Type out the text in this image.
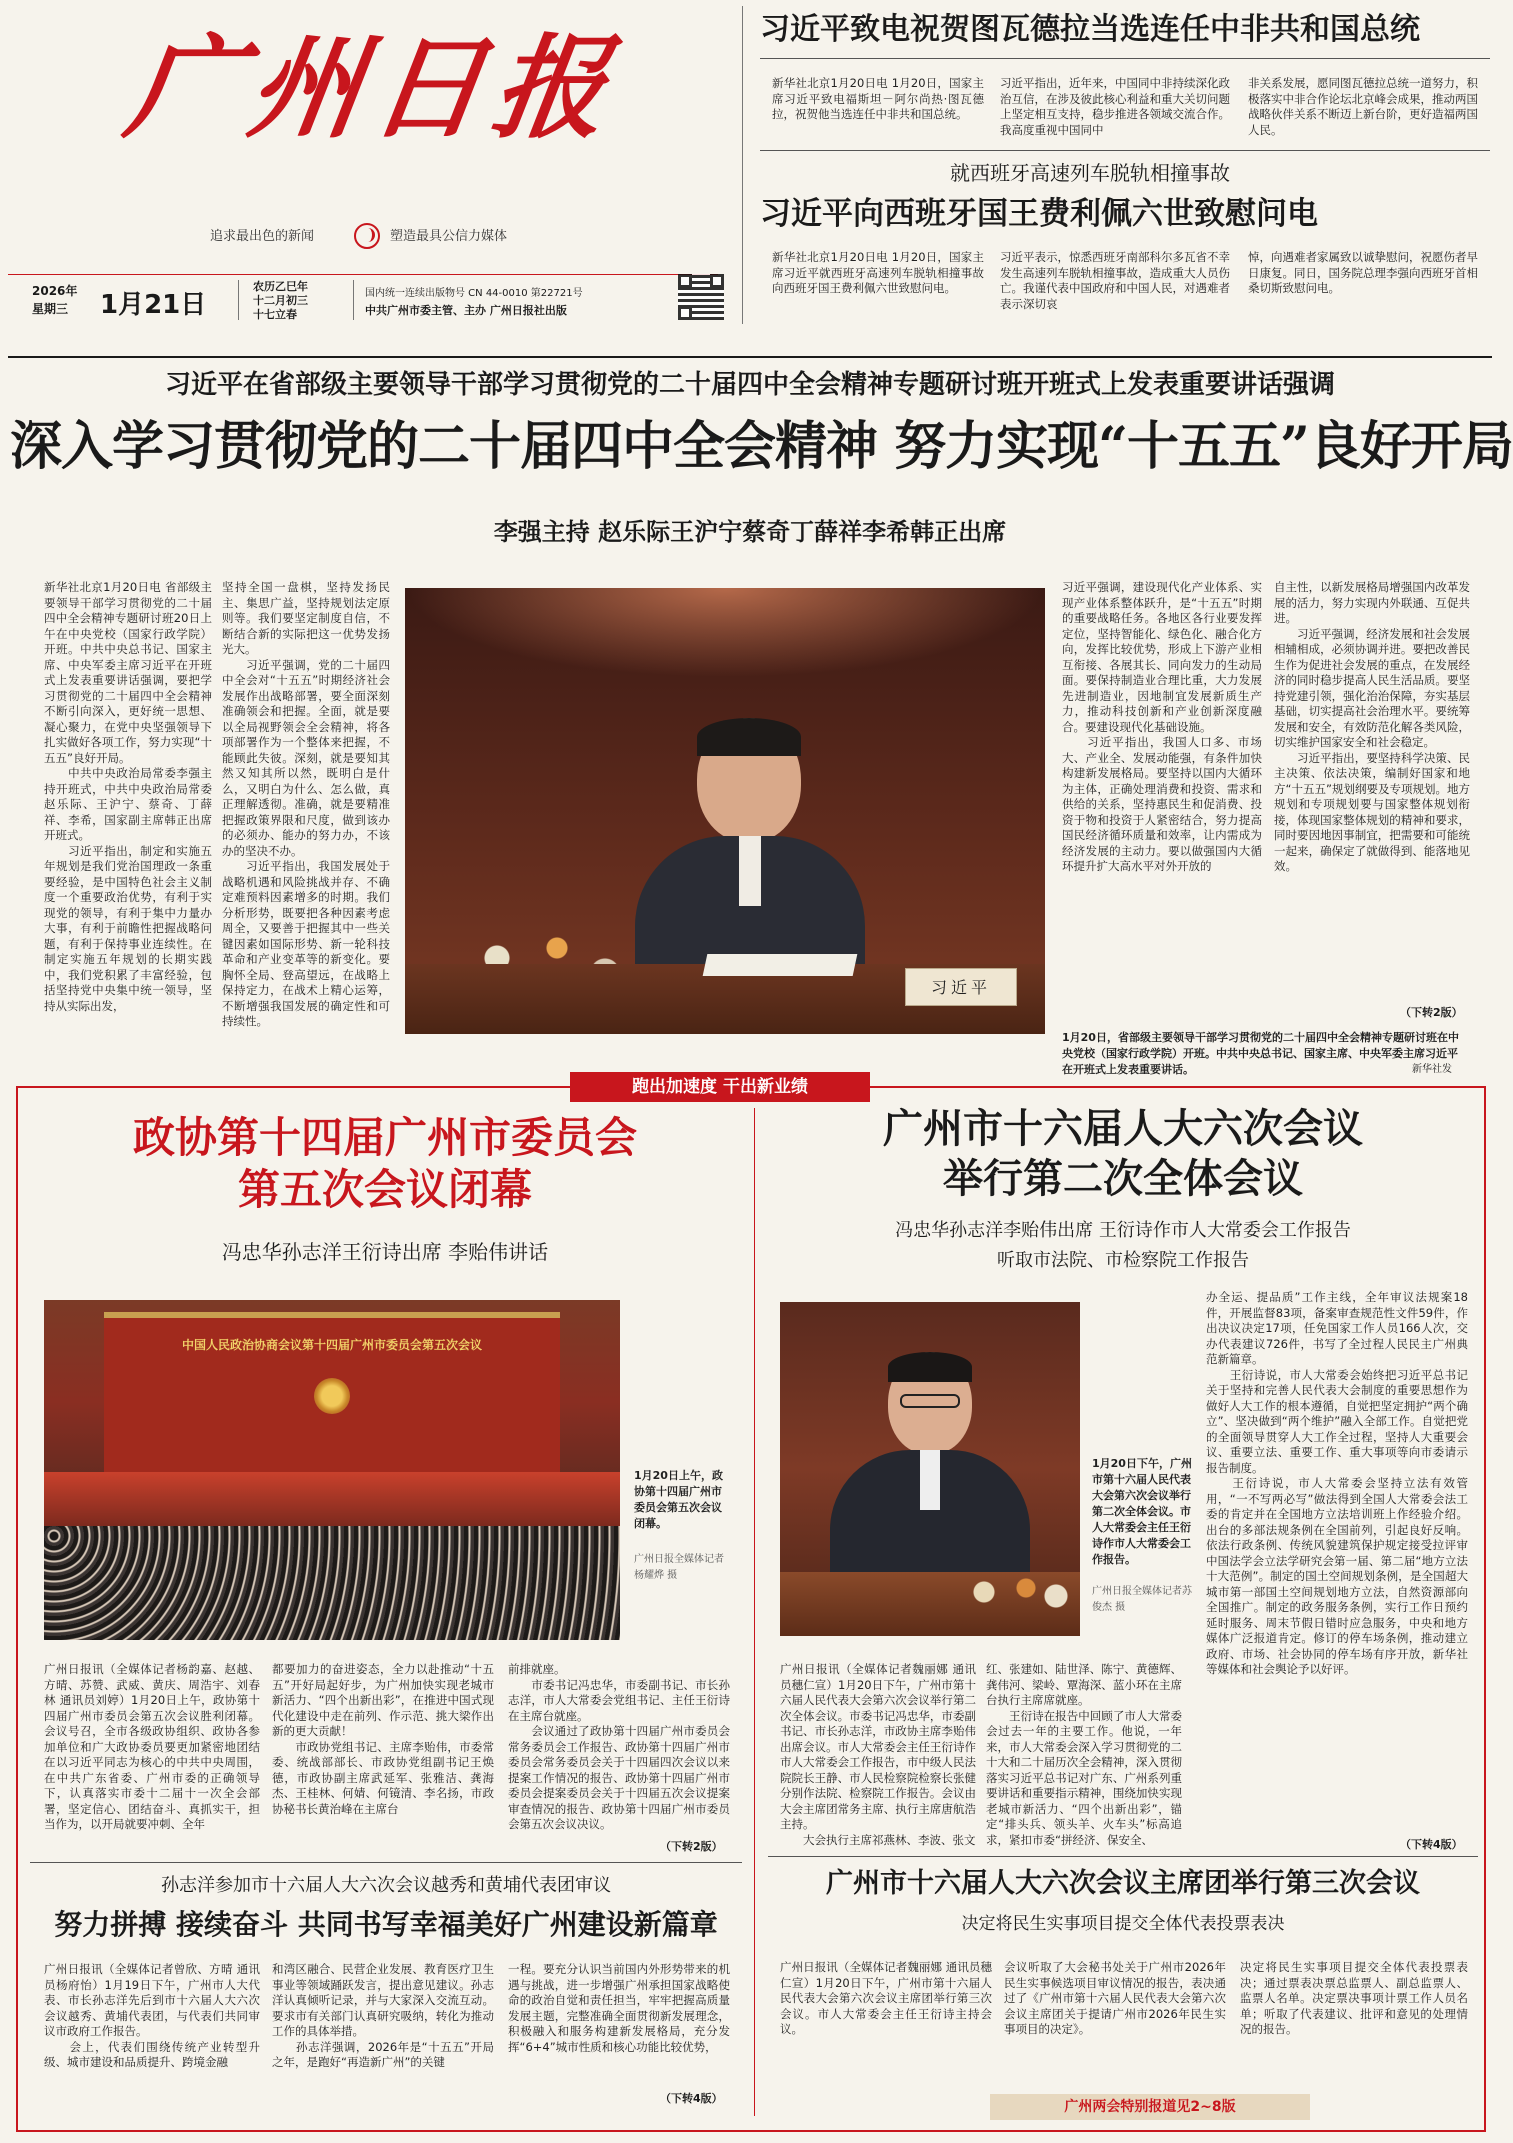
广州日报
追求最出色的新闻	塑造最具公信力媒体
2026年
星期三 1月21日
农历乙巳年
十二月初三
十七立春
国内统一连续出版物号 CN 44-0010 第22721号
中共广州市委主管、主办 广州日报社出版
习近平致电祝贺图瓦德拉当选连任中非共和国总统
新华社北京1月20日电 1月20日，国家主席习近平致电福斯坦－阿尔尚热·图瓦德拉，祝贺他当选连任中非共和国总统。
习近平指出，近年来，中国同中非持续深化政治互信，在涉及彼此核心利益和重大关切问题上坚定相互支持，稳步推进各领域交流合作。我高度重视中国同中
非关系发展，愿同图瓦德拉总统一道努力，积极落实中非合作论坛北京峰会成果，推动两国战略伙伴关系不断迈上新台阶，更好造福两国人民。
就西班牙高速列车脱轨相撞事故
习近平向西班牙国王费利佩六世致慰问电
新华社北京1月20日电 1月20日，国家主席习近平就西班牙高速列车脱轨相撞事故向西班牙国王费利佩六世致慰问电。
习近平表示，惊悉西班牙南部科尔多瓦省不幸发生高速列车脱轨相撞事故，造成重大人员伤亡。我谨代表中国政府和中国人民，对遇难者表示深切哀
悼，向遇难者家属致以诚挚慰问，祝愿伤者早日康复。同日，国务院总理李强向西班牙首相桑切斯致慰问电。
习近平在省部级主要领导干部学习贯彻党的二十届四中全会精神专题研讨班开班式上发表重要讲话强调
深入学习贯彻党的二十届四中全会精神 努力实现“十五五”良好开局
李强主持 赵乐际王沪宁蔡奇丁薛祥李希韩正出席
新华社北京1月20日电 省部级主要领导干部学习贯彻党的二十届四中全会精神专题研讨班20日上午在中央党校（国家行政学院）开班。中共中央总书记、国家主席、中央军委主席习近平在开班式上发表重要讲话强调，要把学习贯彻党的二十届四中全会精神不断引向深入，更好统一思想、凝心聚力，在党中央坚强领导下扎实做好各项工作，努力实现“十五五”良好开局。
　　中共中央政治局常委李强主持开班式，中共中央政治局常委赵乐际、王沪宁、蔡奇、丁薛祥、李希，国家副主席韩正出席开班式。
　　习近平指出，制定和实施五年规划是我们党治国理政一条重要经验，是中国特色社会主义制度一个重要政治优势，有利于实现党的领导，有利于集中力量办大事，有利于前瞻性把握战略问题，有利于保持事业连续性。在制定实施五年规划的长期实践中，我们党积累了丰富经验，包括坚持党中央集中统一领导，坚持从实际出发，
坚持全国一盘棋，坚持发扬民主、集思广益，坚持规划法定原则等。我们要坚定制度自信，不断结合新的实际把这一优势发扬光大。
　　习近平强调，党的二十届四中全会对“十五五”时期经济社会发展作出战略部署，要全面深刻准确领会和把握。全面，就是要以全局视野领会全会精神，将各项部署作为一个整体来把握，不能顾此失彼。深刻，就是要知其然又知其所以然，既明白是什么，又明白为什么、怎么做，真正理解透彻。准确，就是要精准把握政策界限和尺度，做到该办的必须办、能办的努力办，不该办的坚决不办。
　　习近平指出，我国发展处于战略机遇和风险挑战并存、不确定难预料因素增多的时期。我们分析形势，既要把各种因素考虑周全，又要善于把握其中一些关键因素如国际形势、新一轮科技革命和产业变革等的新变化。要胸怀全局、登高望远，在战略上保持定力，在战术上精心运筹，不断增强我国发展的确定性和可持续性。
习近平
习近平强调，建设现代化产业体系、实现产业体系整体跃升，是“十五五”时期的重要战略任务。各地区各行业要发挥定位，坚持智能化、绿色化、融合化方向，发挥比较优势，形成上下游产业相互衔接、各展其长、同向发力的生动局面。要保持制造业合理比重，大力发展先进制造业，因地制宜发展新质生产力，推动科技创新和产业创新深度融合。要建设现代化基础设施。
　　习近平指出，我国人口多、市场大、产业全、发展动能强，有条件加快构建新发展格局。要坚持以国内大循环为主体，正确处理消费和投资、需求和供给的关系，坚持惠民生和促消费、投资于物和投资于人紧密结合，努力提高国民经济循环质量和效率，让内需成为经济发展的主动力。要以做强国内大循环提升扩大高水平对外开放的
自主性，以新发展格局增强国内改革发展的活力，努力实现内外联通、互促共进。
　　习近平强调，经济发展和社会发展相辅相成，必须协调并进。要把改善民生作为促进社会发展的重点，在发展经济的同时稳步提高人民生活品质。要坚持党建引领，强化治治保障，夯实基层基础，切实提高社会治理水平。要统筹发展和安全，有效防范化解各类风险，切实维护国家安全和社会稳定。
　　习近平指出，要坚持科学决策、民主决策、依法决策，编制好国家和地方“十五五”规划纲要及专项规划。地方规划和专项规划要与国家整体规划衔接，体现国家整体规划的精神和要求，同时要因地因事制宜，把需要和可能统一起来，确保定了就做得到、能落地见效。
（下转2版）
1月20日，省部级主要领导干部学习贯彻党的二十届四中全会精神专题研讨班在中央党校（国家行政学院）开班。中共中央总书记、国家主席、中央军委主席习近平在开班式上发表重要讲话。	新华社发
跑出加速度 干出新业绩
政协第十四届广州市委员会
第五次会议闭幕
冯忠华孙志洋王衍诗出席 李贻伟讲话
中国人民政治协商会议第十四届广州市委员会第五次会议
1月20日上午，政协第十四届广州市委员会第五次会议闭幕。
广州日报全媒体记者杨耀烨 摄
广州日报讯（全媒体记者杨韵嘉、赵越、方晴、苏赞、武威、黄庆、周浩宇、刘春林 通讯员刘婷）1月20日上午，政协第十四届广州市委员会第五次会议胜利闭幕。会议号召，全市各级政协组织、政协各参加单位和广大政协委员要更加紧密地团结在以习近平同志为核心的中共中央周围，在中共广东省委、广州市委的正确领导下，认真落实市委十二届十一次全会部署，坚定信心、团结奋斗、真抓实干，担当作为，以开局就要冲刺、全年
都要加力的奋进姿态，全力以赴推动“十五五”开好局起好步，为广州加快实现老城市新活力、“四个出新出彩”，在推进中国式现代化建设中走在前列、作示范、挑大梁作出新的更大贡献！
　　市政协党组书记、主席李贻伟，市委常委、统战部部长、市政协党组副书记王焕德，市政协副主席武延军、张雅洁、龚海杰、王桂林、何婧、何镜清、李名扬，市政协秘书长黄治峰在主席台
前排就座。
　　市委书记冯忠华，市委副书记、市长孙志洋，市人大常委会党组书记、主任王衍诗在主席台就座。
　　会议通过了政协第十四届广州市委员会常务委员会工作报告、政协第十四届广州市委员会常务委员会关于十四届四次会议以来提案工作情况的报告、政协第十四届广州市委员会提案委员会关于十四届五次会议提案审查情况的报告、政协第十四届广州市委员会第五次会议决议。
（下转2版）
孙志洋参加市十六届人大六次会议越秀和黄埔代表团审议
努力拼搏 接续奋斗 共同书写幸福美好广州建设新篇章
广州日报讯（全媒体记者曾欣、方晴 通讯员杨府怡）1月19日下午，广州市人大代表、市长孙志洋先后到市十六届人大六次会议越秀、黄埔代表团，与代表们共同审议市政府工作报告。
　　会上，代表们围绕传统产业转型升级、城市建设和品质提升、跨境金融
和湾区融合、民营企业发展、教育医疗卫生事业等领域踊跃发言，提出意见建议。孙志洋认真倾听记录，并与大家深入交流互动。要求市有关部门认真研究吸纳，转化为推动工作的具体举措。
　　孙志洋强调，2026年是“十五五”开局之年，是跑好“再造新广州”的关键
一程。要充分认识当前国内外形势带来的机遇与挑战，进一步增强广州承担国家战略使命的政治自觉和责任担当，牢牢把握高质量发展主题，完整准确全面贯彻新发展理念，积极融入和服务构建新发展格局，充分发挥“6+4”城市性质和核心功能比较优势，
（下转4版）
广州市十六届人大六次会议
举行第二次全体会议
冯忠华孙志洋李贻伟出席 王衍诗作市人大常委会工作报告
听取市法院、市检察院工作报告
1月20日下午，广州市第十六届人民代表大会第六次会议举行第二次全体会议。市人大常委会主任王衍诗作市人大常委会工作报告。
广州日报全媒体记者苏俊杰 摄
广州日报讯（全媒体记者魏丽娜 通讯员穗仁宣）1月20日下午，广州市第十六届人民代表大会第六次会议举行第二次全体会议。市委书记冯忠华，市委副书记、市长孙志洋，市政协主席李贻伟出席会议。市人大常委会主任王衍诗作市人大常委会工作报告，市中级人民法院院长王静、市人民检察院检察长张健分别作法院、检察院工作报告。会议由大会主席团常务主席、执行主席唐航浩主持。
　　大会执行主席祁燕林、李波、张文
红、张建如、陆世泽、陈宁、黄德辉、龚伟河、梁岭、覃海深、蓝小环在主席台执行主席席就座。
　　王衍诗在报告中回顾了市人大常委会过去一年的主要工作。他说，一年来，市人大常委会深入学习贯彻党的二十大和二十届历次全会精神，深入贯彻落实习近平总书记对广东、广州系列重要讲话和重要指示精神，围绕加快实现老城市新活力、“四个出新出彩”，锚定“排头兵、领头羊、火车头”标高追求，紧扣市委“拼经济、保安全、
办全运、提品质”工作主线，全年审议法规案18件，开展监督83项，备案审查规范性文件59件，作出决议决定17项，任免国家工作人员166人次，交办代表建议726件，书写了全过程人民民主广州典范新篇章。
　　王衍诗说，市人大常委会始终把习近平总书记关于坚持和完善人民代表大会制度的重要思想作为做好人大工作的根本遵循，自觉把坚定拥护“两个确立”、坚决做到“两个维护”融入全部工作。自觉把党的全面领导贯穿人大工作全过程，坚持人大重要会议、重要立法、重要工作、重大事项等向市委请示报告制度。
　　王衍诗说，市人大常委会坚持立法有效管用，“一不写两必写”做法得到全国人大常委会法工委的肯定并在全国地方立法培训班上作经验介绍。出台的多部法规条例在全国前列，引起良好反响。依法行政条例、传统风貌建筑保护规定接受拉评审中国法学会立法学研究会第一届、第二届“地方立法十大范例”。制定的国土空间规划条例，是全国超大城市第一部国土空间规划地方立法，自然资源部向全国推广。制定的政务服务条例，实行工作日预约延时服务、周末节假日错时应急服务，中央和地方媒体广泛报道肯定。修订的停车场条例，推动建立政府、市场、社会协同的停车场有序开放，新华社等媒体和社会舆论予以好评。
（下转4版）
广州市十六届人大六次会议主席团举行第三次会议
决定将民生实事项目提交全体代表投票表决
广州日报讯（全媒体记者魏丽娜 通讯员穗仁宣）1月20日下午，广州市第十六届人民代表大会第六次会议主席团举行第三次会议。市人大常委会主任王衍诗主持会议。
会议听取了大会秘书处关于广州市2026年民生实事候选项目审议情况的报告，表决通过了《广州市第十六届人民代表大会第六次会议主席团关于提请广州市2026年民生实事项目的决定》。
决定将民生实事项目提交全体代表投票表决；通过票表决票总监票人、副总监票人、监票人名单。决定票决事项计票工作人员名单；听取了代表建议、批评和意见的处理情况的报告。
广州两会特别报道见2~8版
